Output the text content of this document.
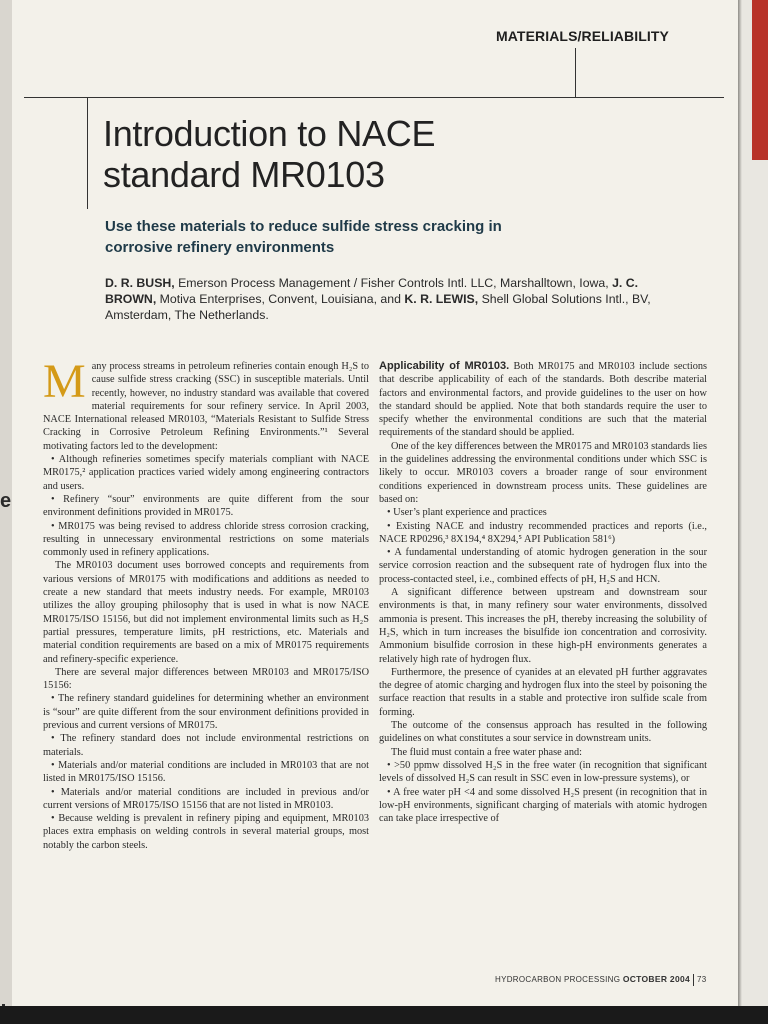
e
MATERIALS/RELIABILITY
Introduction to NACE
standard MR0103
Use these materials to reduce sulfide stress cracking in corrosive refinery environments
D. R. BUSH, Emerson Process Management / Fisher Controls Intl. LLC, Marshalltown, Iowa, J. C. BROWN, Motiva Enterprises, Convent, Louisiana, and K. R. LEWIS, Shell Global Solutions Intl., BV, Amsterdam, The Netherlands.

Many process streams in petroleum refineries contain enough H₂S to cause sulfide stress cracking (SSC) in susceptible materials. Until recently, however, no industry standard was available that covered material requirements for sour refinery service. In April 2003, NACE International released MR0103, “Materials Resistant to Sulfide Stress Cracking in Corrosive Petroleum Refining Environments.”¹ Several motivating factors led to the development:

• Although refineries sometimes specify materials compliant with NACE MR0175,² application practices varied widely among engineering contractors and users.
• Refinery “sour” environments are quite different from the sour environment definitions provided in MR0175.
• MR0175 was being revised to address chloride stress corrosion cracking, resulting in unnecessary environmental restrictions on some materials commonly used in refinery applications.

The MR0103 document uses borrowed concepts and requirements from various versions of MR0175 with modifications and additions as needed to create a new standard that meets industry needs. For example, MR0103 utilizes the alloy grouping philosophy that is used in what is now NACE MR0175/ISO 15156, but did not implement environmental limits such as H₂S partial pressures, temperature limits, pH restrictions, etc. Materials and material condition requirements are based on a mix of MR0175 requirements and refinery-specific experience.

There are several major differences between MR0103 and MR0175/ISO 15156:

• The refinery standard guidelines for determining whether an environment is “sour” are quite different from the sour environment definitions provided in previous and current versions of MR0175.
• The refinery standard does not include environmental restrictions on materials.
• Materials and/or material conditions are included in MR0103 that are not listed in MR0175/ISO 15156.
• Materials and/or material conditions are included in previous and/or current versions of MR0175/ISO 15156 that are not listed in MR0103.
• Because welding is prevalent in refinery piping and equipment, MR0103 places extra emphasis on welding controls in several material groups, most notably the carbon steels.

Applicability of MR0103. Both MR0175 and MR0103 include sections that describe applicability of each of the standards. Both describe material factors and environmental factors, and provide guidelines to the user on how the standard should be applied. Note that both standards require the user to specify whether the environmental conditions are such that the material requirements of the standard should be applied.

One of the key differences between the MR0175 and MR0103 standards lies in the guidelines addressing the environmental conditions under which SSC is likely to occur. MR0103 covers a broader range of sour environment conditions experienced in downstream process units. These guidelines are based on:

• User’s plant experience and practices
• Existing NACE and industry recommended practices and reports (i.e., NACE RP0296,³ 8X194,⁴ 8X294,⁵ API Publication 581⁶)
• A fundamental understanding of atomic hydrogen generation in the sour service corrosion reaction and the subsequent rate of hydrogen flux into the process-contacted steel, i.e., combined effects of pH, H₂S and HCN.

A significant difference between upstream and downstream sour environments is that, in many refinery sour water environments, dissolved ammonia is present. This increases the pH, thereby increasing the solubility of H₂S, which in turn increases the bisulfide ion concentration and corrosivity. Ammonium bisulfide corrosion in these high-pH environments generates a relatively high rate of hydrogen flux.

Furthermore, the presence of cyanides at an elevated pH further aggravates the degree of atomic charging and hydrogen flux into the steel by poisoning the surface reaction that results in a stable and protective iron sulfide scale from forming.

The outcome of the consensus approach has resulted in the following guidelines on what constitutes a sour service in downstream units.

The fluid must contain a free water phase and:

• >50 ppmw dissolved H₂S in the free water (in recognition that significant levels of dissolved H₂S can result in SSC even in low-pressure systems), or
• A free water pH <4 and some dissolved H₂S present (in recognition that in low-pH environments, significant charging of materials with atomic hydrogen can take place irrespective of
HYDROCARBON PROCESSING OCTOBER 2004 73
